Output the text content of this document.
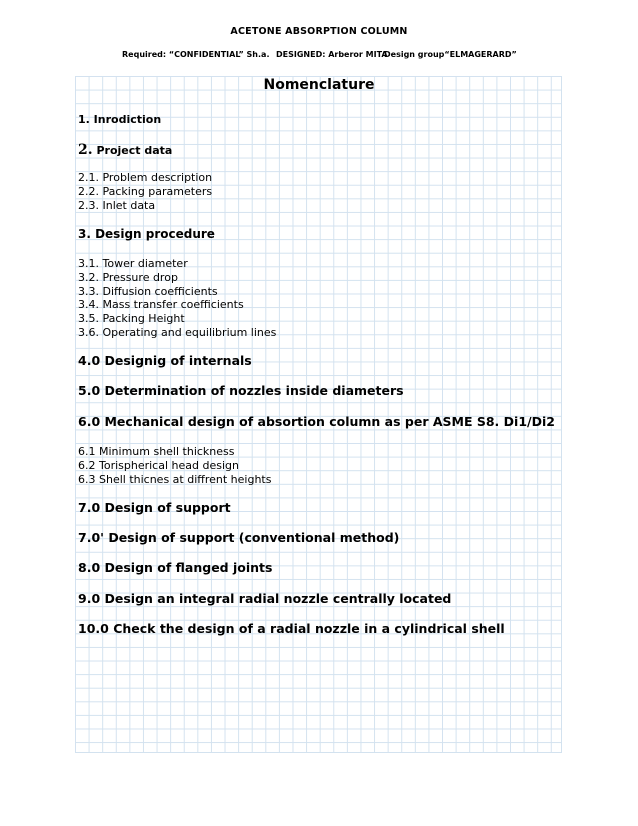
ACETONE ABSORPTION COLUMN
Required: “CONFIDENTIAL” Sh.a. DESIGNED: Arberor MITA
Design group“ELMAGERARD”
Nomenclature
1. Inrodiction
2. Project data
2.1. Problem description
2.2. Packing parameters
2.3. Inlet data
3. Design procedure
3.1. Tower diameter
3.2. Pressure drop
3.3. Diffusion coefficients
3.4. Mass transfer coefficients
3.5. Packing Height
3.6. Operating and equilibrium lines
4.0 Designig of internals
5.0 Determination of nozzles inside diameters
6.0 Mechanical design of absortion column as per ASME S8. Di1/Di2
6.1 Minimum shell thickness
6.2 Torispherical head design
6.3 Shell thicnes at diffrent heights
7.0 Design of support
7.0' Design of support (conventional method)
8.0 Design of flanged joints
9.0 Design an integral radial nozzle centrally located
10.0 Check the design of a radial nozzle in a cylindrical shell
